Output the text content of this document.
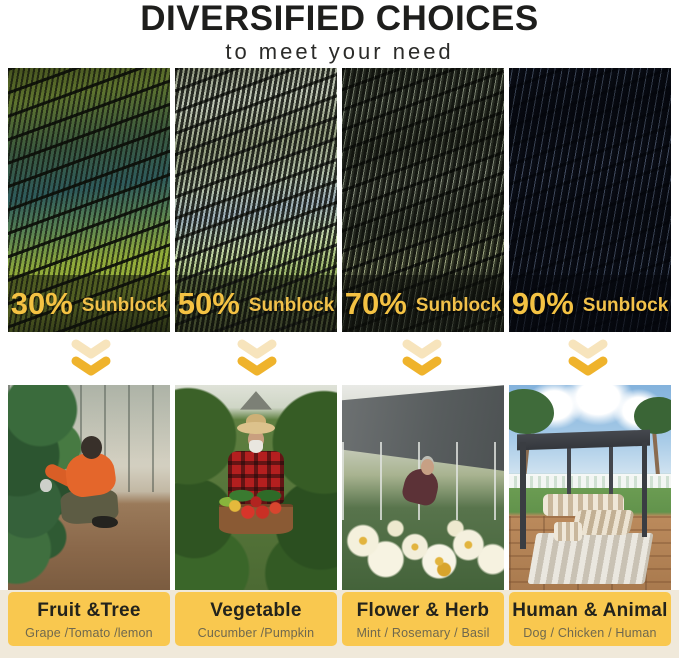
DIVERSIFIED CHOICES
to meet your need
30% Sunblock 50% Sunblock 70% Sunblock 90% Sunblock
Fruit &Tree
Grape /Tomato /lemon
Vegetable
Cucumber /Pumpkin
Flower & Herb
Mint / Rosemary / Basil
Human & Animal
Dog / Chicken / Human
